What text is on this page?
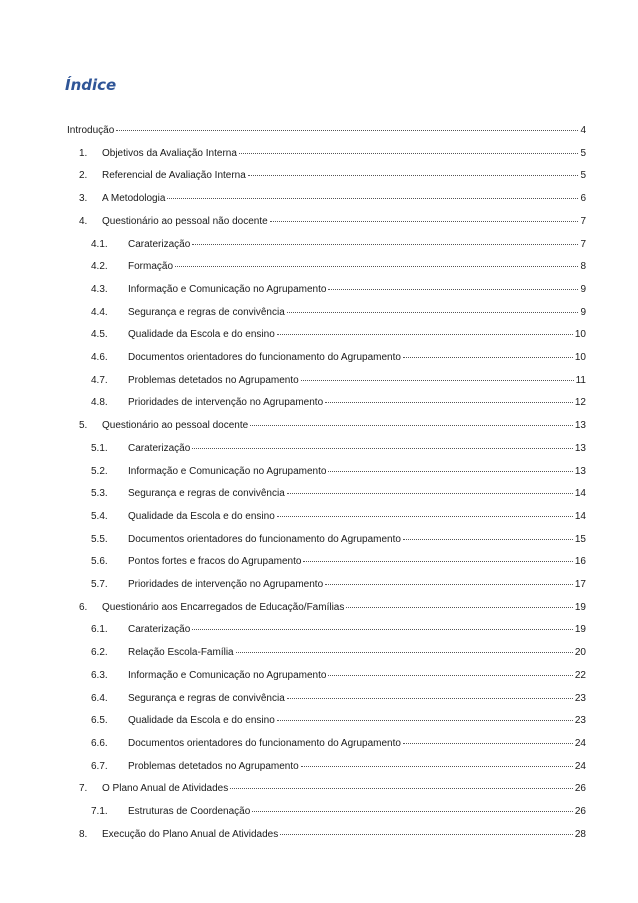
Índice
Introdução	4
1.	Objetivos da Avaliação Interna	5
2.	Referencial de Avaliação Interna	5
3.	A Metodologia	6
4.	Questionário ao pessoal não docente	7
4.1.	Caraterização	7
4.2.	Formação	8
4.3.	Informação e Comunicação no Agrupamento	9
4.4.	Segurança e regras de convivência	9
4.5.	Qualidade da Escola e do ensino	10
4.6.	Documentos orientadores do funcionamento do Agrupamento	10
4.7.	Problemas detetados no Agrupamento	11
4.8.	Prioridades de intervenção no Agrupamento	12
5.	Questionário ao pessoal docente	13
5.1.	Caraterização	13
5.2.	Informação e Comunicação no Agrupamento	13
5.3.	Segurança e regras de convivência	14
5.4.	Qualidade da Escola e do ensino	14
5.5.	Documentos orientadores do funcionamento do Agrupamento	15
5.6.	Pontos fortes e fracos do Agrupamento	16
5.7.	Prioridades de intervenção no Agrupamento	17
6.	Questionário aos Encarregados de Educação/Famílias	19
6.1.	Caraterização	19
6.2.	Relação Escola-Família	20
6.3.	Informação e Comunicação no Agrupamento	22
6.4.	Segurança e regras de convivência	23
6.5.	Qualidade da Escola e do ensino	23
6.6.	Documentos orientadores do funcionamento do Agrupamento	24
6.7.	Problemas detetados no Agrupamento	24
7.	O Plano Anual de Atividades	26
7.1.	Estruturas de Coordenação	26
8.	Execução do Plano Anual de Atividades	28
